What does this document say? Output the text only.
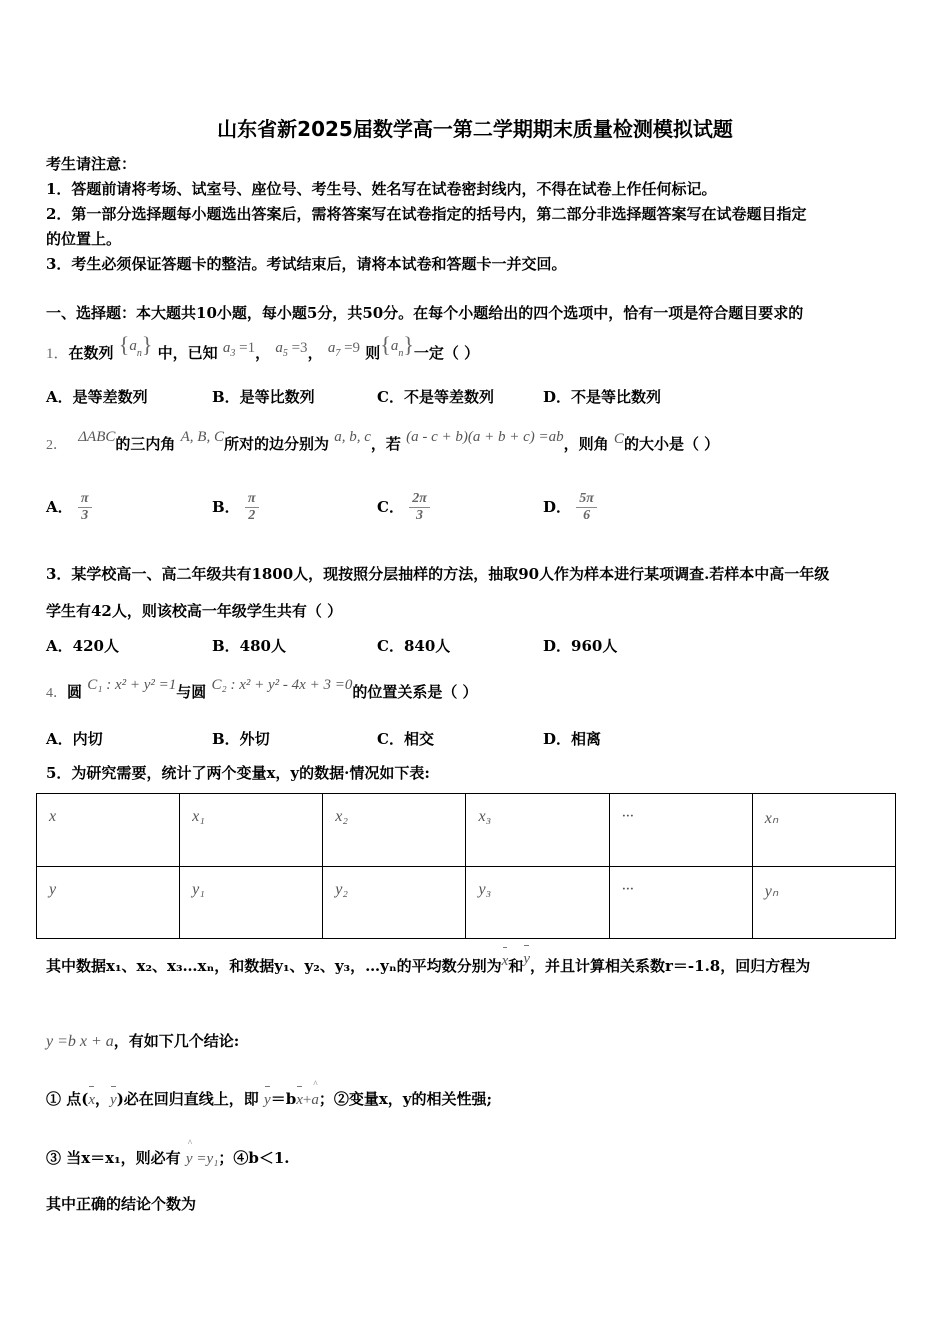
山东省新2025届数学高一第二学期期末质量检测模拟试题
考生请注意：
1．答题前请将考场、试室号、座位号、考生号、姓名写在试卷密封线内，不得在试卷上作任何标记。
2．第一部分选择题每小题选出答案后，需将答案写在试卷指定的括号内，第二部分非选择题答案写在试卷题目指定
的位置上。
3．考生必须保证答题卡的整洁。考试结束后，请将本试卷和答题卡一并交回。
一、选择题：本大题共10小题，每小题5分，共50分。在每个小题给出的四个选项中，恰有一项是符合题目要求的
1．在数列 $\{a_n\}$ 中，已知 $a_3 =1$， $a_5 =3$， $a_7 =9$ 则$\{a_n\}$一定（ ）
A．是等差数列	B．是等比数列	C．不是等差数列	D．不是等比数列
2． ΔABC的三内角 A, B, C所对的边分别为 a, b, c，若 (a - c + b)(a + b + c) =ab，则角 C的大小是（ ）
A． $\frac{\pi}{3}$	B． $\frac{\pi}{2}$	C． $\frac{2\pi}{3}$	D． $\frac{5\pi}{6}$
3．某学校高一、高二年级共有1800人，现按照分层抽样的方法，抽取90人作为样本进行某项调查.若样本中高一年级
学生有42人，则该校高一年级学生共有（ ）
A．420人	B．480人	C．840人	D．960人
4．圆 C₁ : x² + y² =1与圆 C₂ : x² + y² - 4x + 3 =0的位置关系是（ ）
A．内切	B．外切	C．相交	D．相离
5．为研究需要，统计了两个变量x，y的数据·情况如下表:
x	x₁	x₂	x₃	···	xₙ
y	y₁	y₂	y₃	···	yₙ
其中数据x₁、x₂、x₃…xₙ，和数据y₁、y₂、y₃，…yₙ的平均数分别为x和y，并且计算相关系数r＝-1.8，回归方程为
y =b x + a，有如下几个结论:
① 点(x，y)必在回归直线上，即 y＝bx+^ a；②变量x，y的相关性强;
③ 当x＝x₁，则必有 ^ y =y₁；④b＜1.
其中正确的结论个数为
